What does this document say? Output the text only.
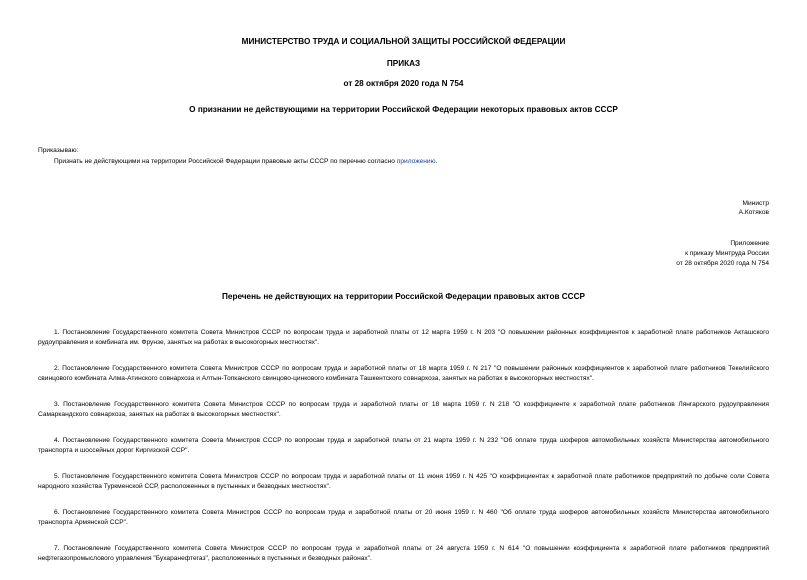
МИНИСТЕРСТВО ТРУДА И СОЦИАЛЬНОЙ ЗАЩИТЫ РОССИЙСКОЙ ФЕДЕРАЦИИ
ПРИКАЗ
от 28 октября 2020 года N 754
О признании не действующими на территории Российской Федерации некоторых правовых актов СССР
Приказываю:
Признать не действующими на территории Российской Федерации правовые акты СССР по перечню согласно приложению.
Министр
А.Котяков
Приложение
к приказу Минтруда России
от 28 октября 2020 года N 754
Перечень не действующих на территории Российской Федерации правовых актов СССР

1. Постановление Государственного комитета Совета Министров СССР по вопросам труда и заработной платы от 12 марта 1959 г. N 203 "О повышении районных коэффициентов к заработной плате работников Акташского рудоуправления и комбината им. Фрунзе, занятых на работах в высокогорных местностях".

2. Постановление Государственного комитета Совета Министров СССР по вопросам труда и заработной платы от 18 марта 1959 г. N 217 "О повышении районных коэффициентов к заработной плате работников Текелийского свинцового комбината Алма-Атинского совнархоза и Алтын-Топканского свинцово-цинкового комбината Ташкентского совнархоза, занятых на работах в высокогорных местностях".

3. Постановление Государственного комитета Совета Министров СССР по вопросам труда и заработной платы от 18 марта 1959 г. N 218 "О коэффициенте к заработной плате работников Лянгарского рудоуправления Самаркандского совнархоза, занятых на работах в высокогорных местностях".

4. Постановление Государственного комитета Совета Министров СССР по вопросам труда и заработной платы от 21 марта 1959 г. N 232 "Об оплате труда шоферов автомобильных хозяйств Министерства автомобильного транспорта и шоссейных дорог Киргизской ССР".

5. Постановление Государственного комитета Совета Министров СССР по вопросам труда и заработной платы от 11 июня 1959 г. N 425 "О коэффициентах к заработной плате работников предприятий по добыче соли Совета народного хозяйства Туркменской ССР, расположенных в пустынных и безводных местностях".

6. Постановление Государственного комитета Совета Министров СССР по вопросам труда и заработной платы от 20 июня 1959 г. N 460 "Об оплате труда шоферов автомобильных хозяйств Министерства автомобильного транспорта Армянской ССР".

7. Постановление Государственного комитета Совета Министров СССР по вопросам труда и заработной платы от 24 августа 1959 г. N 614 "О повышении коэффициента к заработной плате работников предприятий нефтегазопромыслового управления "Бухаранефтегаз", расположенных в пустынных и безводных районах".
